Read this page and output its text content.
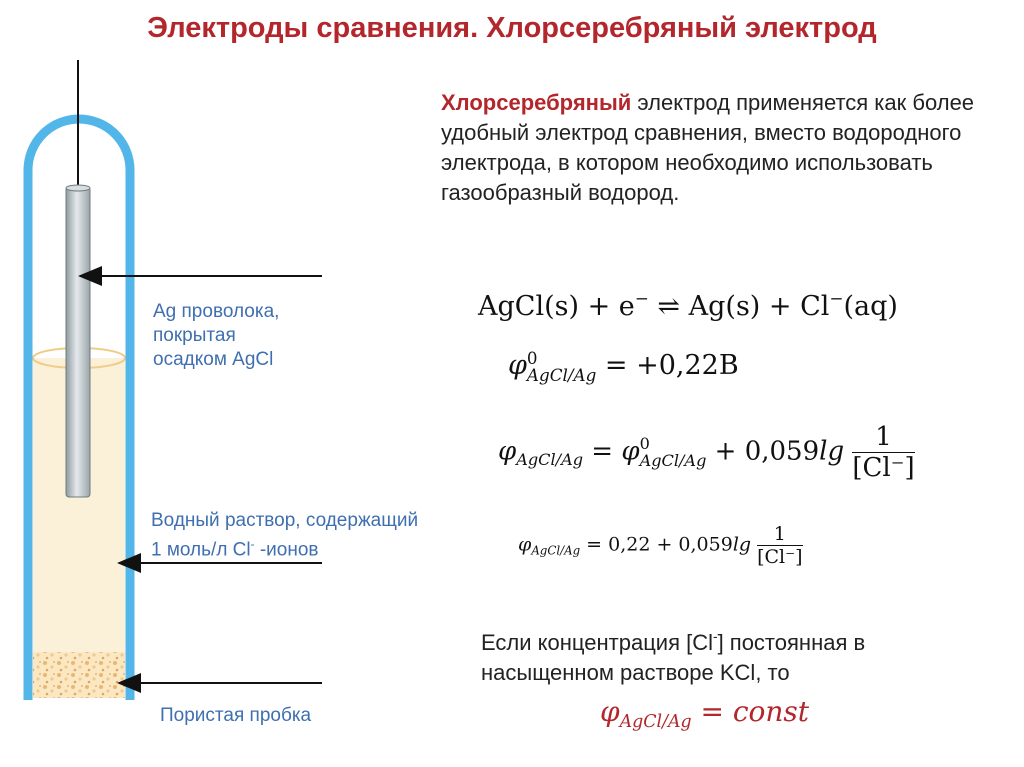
Электроды сравнения. Хлорсеребряный электрод
Ag проволока,
покрытая
осадком AgCl
Водный раствор, содержащий
1 моль/л Cl- -ионов
Пористая пробка
Хлорсеребряный электрод применяется как более удобный электрод сравнения, вместо водородного электрода, в котором необходимо использовать газообразный водород.
AgCl(s) + e− ⇌ Ag(s) + Cl−(aq)
φ 0
AgCl/Ag = +0,22B
$\varphi_{AgCl/Ag} = \varphi$ 0
AgCl/Ag + $0,059\lg \frac{1}{[Cl^-]}$
$\varphi_{AgCl/Ag} = 0,22 + 0,059\lg \frac{1}{[Cl^-]}$
Если концентрация [Cl-] постоянная в
насыщенном растворе KCl, то
$\varphi_{AgCl/Ag}$ = const
